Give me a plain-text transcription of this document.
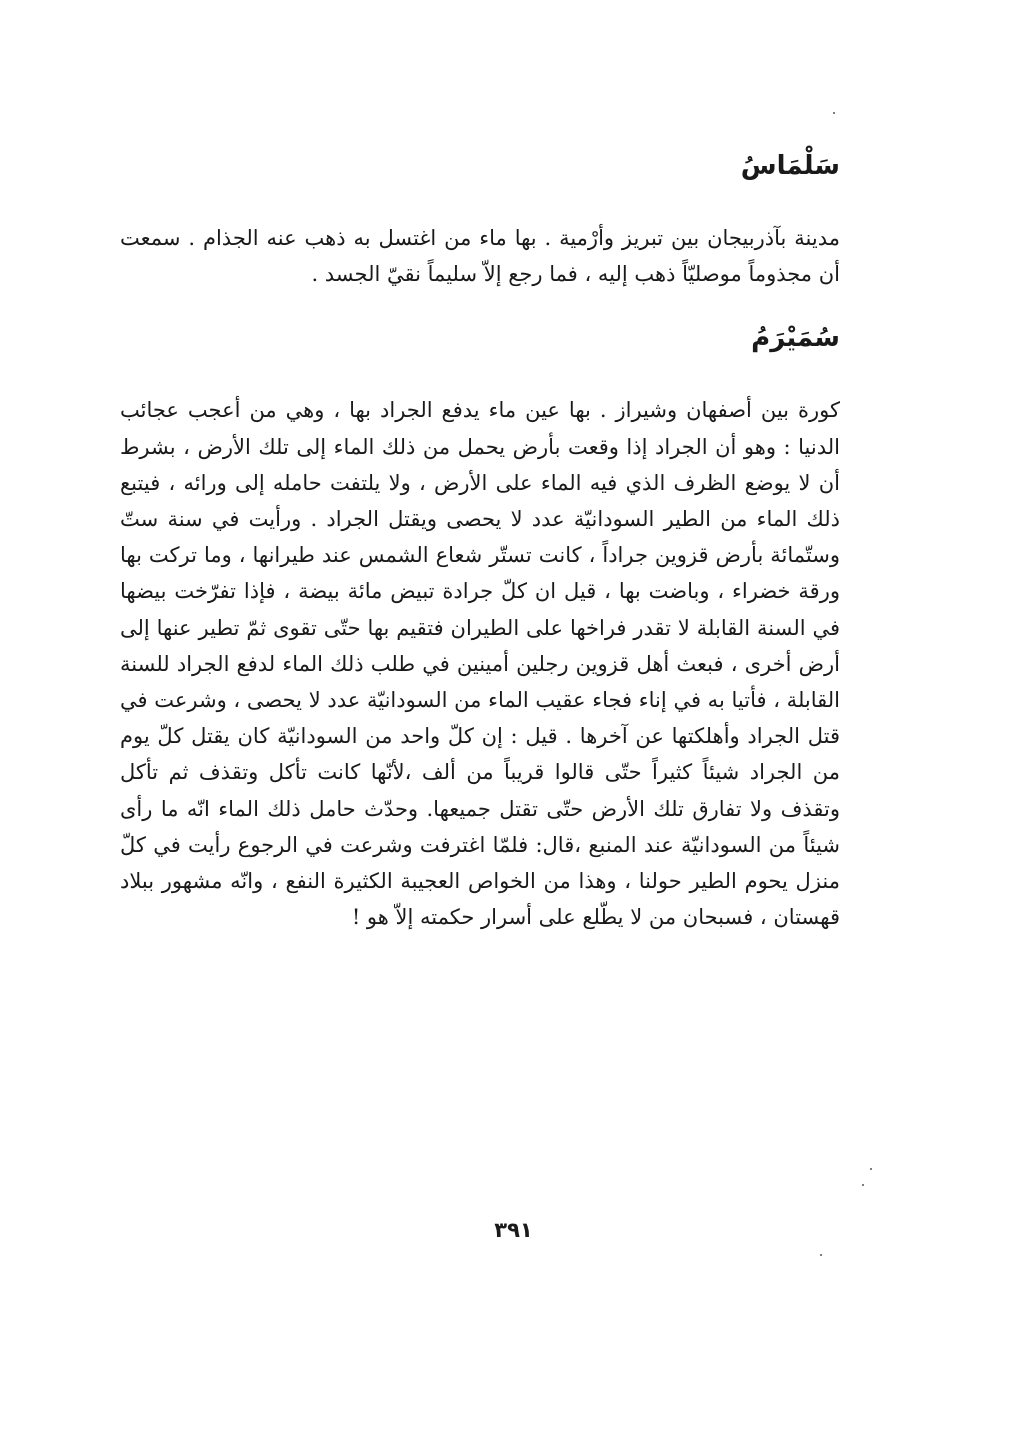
سَلْمَاسُ

مدينة بآذربيجان بين تبريز وأرْمية . بها ماء من اغتسل به ذهب عنه الجذام . سمعت أن مجذوماً موصليّاً ذهب إليه ، فما رجع إلاّ سليماً نقيّ الجسد .

سُمَيْرَمُ

كورة بين أصفهان وشيراز . بها عين ماء يدفع الجراد بها ، وهي من أعجب عجائب الدنيا : وهو أن الجراد إذا وقعت بأرض يحمل من ذلك الماء إلى تلك الأرض ، بشرط أن لا يوضع الظرف الذي فيه الماء على الأرض ، ولا يلتفت حامله إلى ورائه ، فيتبع ذلك الماء من الطير السودانيّة عدد لا يحصى ويقتل الجراد . ورأيت في سنة ستّ وستّمائة بأرض قزوين جراداً ، كانت تستّر شعاع الشمس عند طيرانها ، وما تركت بها ورقة خضراء ، وباضت بها ، قيل ان كلّ جرادة تبيض مائة بيضة ، فإذا تفرّخت بيضها في السنة القابلة لا تقدر فراخها على الطيران فتقيم بها حتّى تقوى ثمّ تطير عنها إلى أرض أخرى ، فبعث أهل قزوين رجلين أمينين في طلب ذلك الماء لدفع الجراد للسنة القابلة ، فأتيا به في إناء فجاء عقيب الماء من السودانيّة عدد لا يحصى ، وشرعت في قتل الجراد وأهلكتها عن آخرها . قيل : إن كلّ واحد من السودانيّة كان يقتل كلّ يوم من الجراد شيئاً كثيراً حتّى قالوا قريباً من ألف ،لأنّها كانت تأكل وتقذف ثم تأكل وتقذف ولا تفارق تلك الأرض حتّى تقتل جميعها. وحدّث حامل ذلك الماء انّه ما رأى شيئاً من السودانيّة عند المنبع ،قال: فلمّا اغترفت وشرعت في الرجوع رأيت في كلّ منزل يحوم الطير حولنا ، وهذا من الخواص العجيبة الكثيرة النفع ، وانّه مشهور ببلاد قهستان ، فسبحان من لا يطّلع على أسرار حكمته إلاّ هو !

٣٩١
